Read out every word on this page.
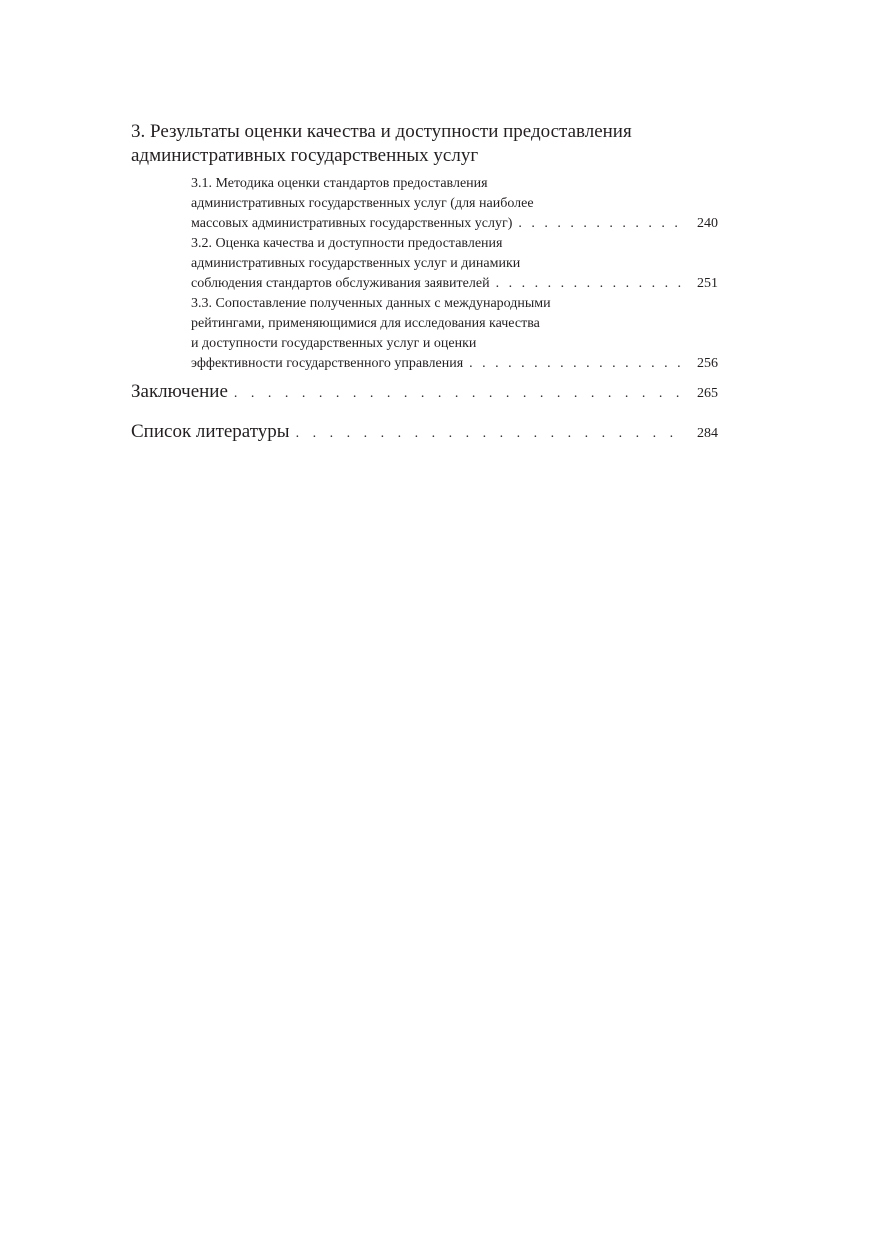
3. Результаты оценки качества и доступности предоставления
административных государственных услуг
3.1. Методика оценки стандартов предоставления
административных государственных услуг (для наиболее
массовых административных государственных услуг) . . .	240
3.2. Оценка качества и доступности предоставления
административных государственных услуг и динамики
соблюдения стандартов обслуживания заявителей . . .	251
3.3. Сопоставление полученных данных с международными
рейтингами, применяющимися для исследования качества
и доступности государственных услуг и оценки
эффективности государственного управления . . .	256
Заключение . . .	265
Список литературы . . .	284
